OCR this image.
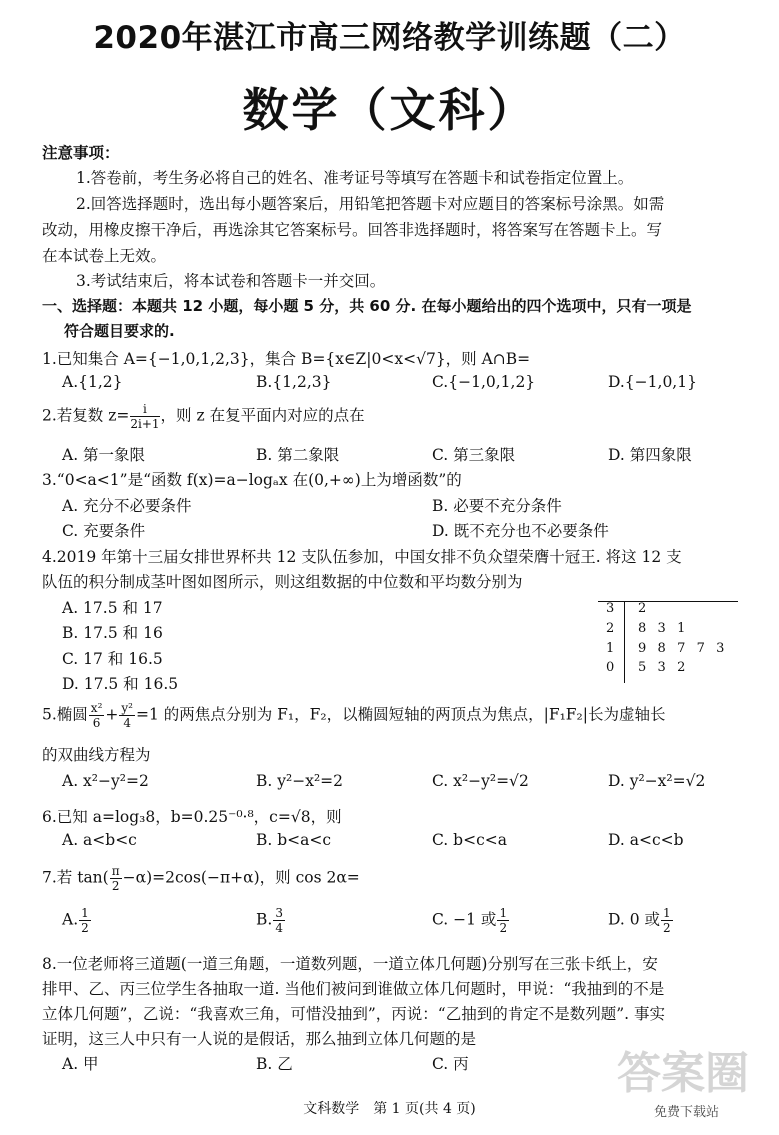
2020年湛江市高三网络教学训练题（二）
数学（文科）
注意事项：
1.答卷前，考生务必将自己的姓名、准考证号等填写在答题卡和试卷指定位置上。
2.回答选择题时，选出每小题答案后，用铅笔把答题卡对应题目的答案标号涂黑。如需
改动，用橡皮擦干净后，再选涂其它答案标号。回答非选择题时，将答案写在答题卡上。写
在本试卷上无效。
3.考试结束后，将本试卷和答题卡一并交回。
一、选择题：本题共 12 小题，每小题 5 分，共 60 分. 在每小题给出的四个选项中，只有一项是
符合题目要求的.
1.已知集合 A={−1,0,1,2,3}，集合 B={x∈Z|0<x<√7}，则 A∩B=
A.{1,2}	B.{1,2,3}	C.{−1,0,1,2}	D.{−1,0,1}
2.若复数 $z= \frac{i}{2i+1}$ ，则 z 在复平面内对应的点在
A. 第一象限	B. 第二象限	C. 第三象限	D. 第四象限
3.“0<a<1”是“函数 f(x)=a−logₐx 在(0,+∞)上为增函数”的
A. 充分不必要条件	B. 必要不充分条件
C. 充要条件	D. 既不充分也不必要条件
4.2019 年第十三届女排世界杯共 12 支队伍参加，中国女排不负众望荣膺十冠王. 将这 12 支
队伍的积分制成茎叶图如图所示，则这组数据的中位数和平均数分别为
A. 17.5 和 17
B. 17.5 和 16
C. 17 和 16.5
D. 17.5 和 16.5
3 2
2 8  3  1
1 9  8  7  7  3
0 5  3  2
5.椭圆 $\frac{\text{x²}}{6} + \frac{\text{y²}}{4} =1$ 的两焦点分别为 F₁，F₂，以椭圆短轴的两顶点为焦点，|F₁F₂|长为虚轴长
的双曲线方程为
A. x²−y²=2	B. y²−x²=2	C. x²−y²=√2	D. y²−x²=√2
6.已知 a=log₃8，b=0.25⁻⁰·⁸，c=√8，则
A. a<b<c	B. b<a<c	C. b<c<a	D. a<c<b
7.若 $\tan( \frac{\pi}{2} -\alpha)=2\cos(-\pi+\alpha)$，则 cos 2α=
A. $\frac{1}{2}$	B. $\frac{3}{4}$	C. −1 或 $\frac{1}{2}$	D. 0 或 $\frac{1}{2}$
8.一位老师将三道题(一道三角题，一道数列题，一道立体几何题)分别写在三张卡纸上，安
排甲、乙、丙三位学生各抽取一道. 当他们被问到谁做立体几何题时，甲说：“我抽到的不是
立体几何题”，乙说：“我喜欢三角，可惜没抽到”，丙说：“乙抽到的肯定不是数列题”. 事实
证明，这三人中只有一人说的是假话，那么抽到立体几何题的是
A. 甲	B. 乙	C. 丙
文科数学　第 1 页(共 4 页)
答案圈
免费下载站
